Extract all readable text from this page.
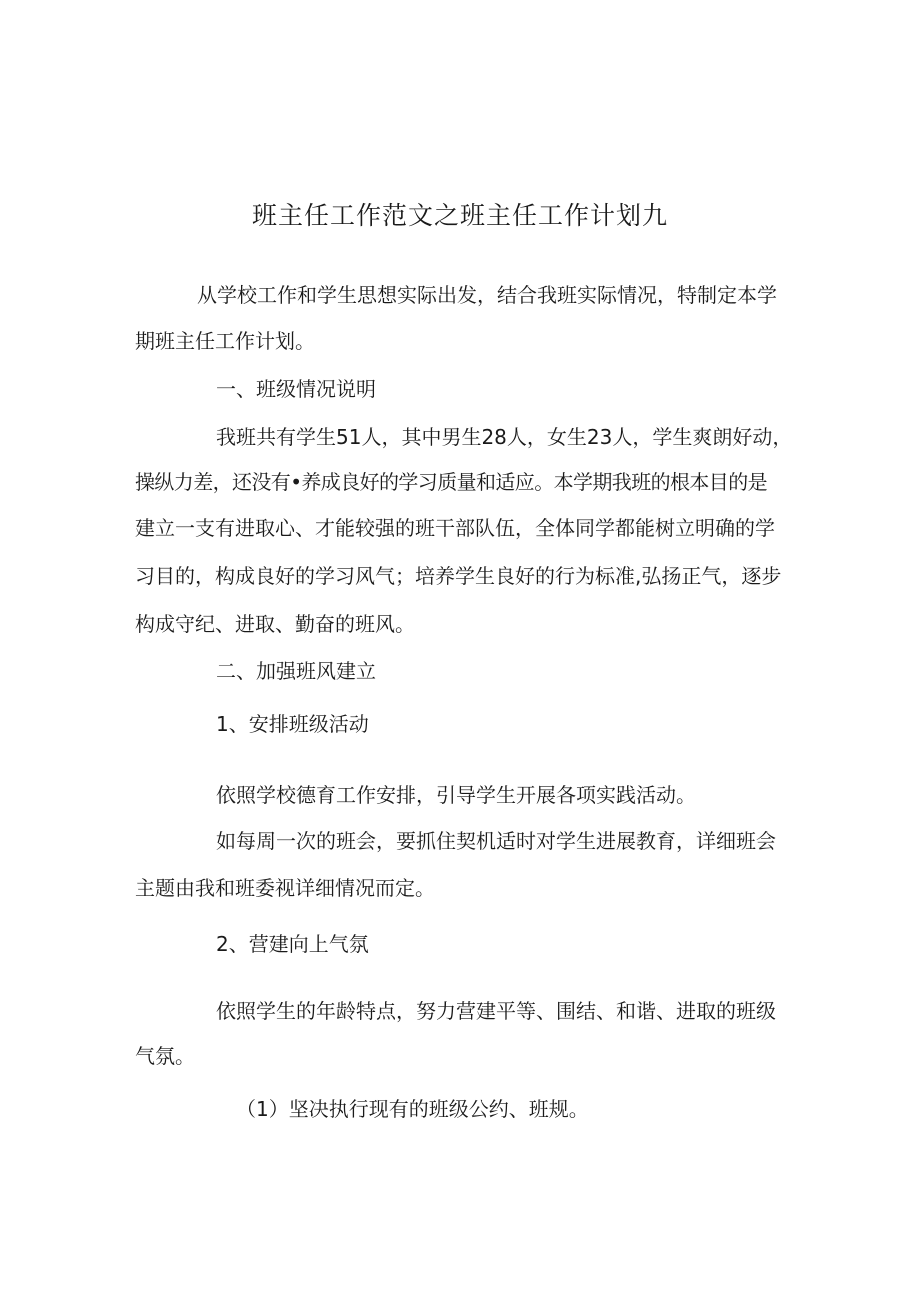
班主任工作范文之班主任工作计划九
从学校工作和学生思想实际出发，结合我班实际情况，特制定本学
期班主任工作计划。
一、班级情况说明
我班共有学生51人，其中男生28人，女生23人，学生爽朗好动，
操纵力差，还没有•养成良好的学习质量和适应。本学期我班的根本目的是
建立一支有进取心、才能较强的班干部队伍，全体同学都能树立明确的学
习目的，构成良好的学习风气；培养学生良好的行为标准,弘扬正气，逐步
构成守纪、进取、勤奋的班风。
二、加强班风建立
1、安排班级活动
依照学校德育工作安排，引导学生开展各项实践活动。
如每周一次的班会，要抓住契机适时对学生进展教育，详细班会
主题由我和班委视详细情况而定。
2、营建向上气氛
依照学生的年龄特点，努力营建平等、围结、和谐、进取的班级
气氛。
（1）坚决执行现有的班级公约、班规。
